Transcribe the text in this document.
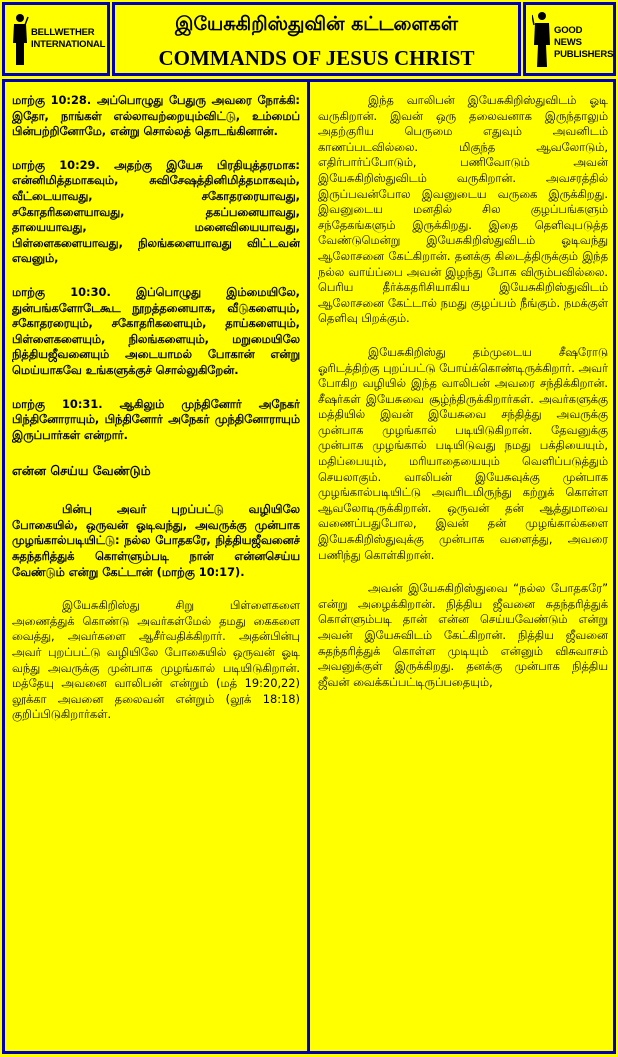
BELLWETHER INTERNATIONAL
இயேசுகிறிஸ்துவின் கட்டளைகள்
COMMANDS OF JESUS CHRIST
GOOD NEWS PUBLISHERS

மாற்கு 10:28. அப்பொழுது பேதுரு அவரை நோக்கி: இதோ, நாங்கள் எல்லாவற்றையும்விட்டு, உம்மைப் பின்பற்றினோமே, என்று சொல்லத் தொடங்கினான்.

மாற்கு 10:29. அதற்கு இயேசு பிரதியுத்தரமாக: என்னிமித்தமாகவும், சுவிசேஷத்தினிமித்தமாகவும், வீட்டையாவது, சகோதரரையாவது, சகோதரிகளையாவது, தகப்பனையாவது, தாயையாவது, மனைவியையாவது, பிள்ளைகளையாவது, நிலங்களையாவது விட்டவன் எவனும்,

மாற்கு 10:30. இப்பொழுது இம்மையிலே, துன்பங்களோடேகூட நூறத்தனையாக, வீடுகளையும், சகோதரரையும், சகோதரிகளையும், தாய்களையும், பிள்ளைகளையும், நிலங்களையும், மறுமையிலே நித்தியஜீவனையும் அடையாமல் போகான் என்று மெய்யாகவே உங்களுக்குச் சொல்லுகிறேன்.

மாற்கு 10:31. ஆகிலும் முந்தினோர் அநேகர் பிந்தினோராயும், பிந்தினோர் அநேகர் முந்தினோராயும் இருப்பார்கள் என்றார்.

என்ன செய்ய வேண்டும்

பின்பு அவர் புறப்பட்டு வழியிலே போகையில், ஒருவன் ஓடிவந்து, அவருக்கு முன்பாக முழங்கால்படியிட்டு: நல்ல போதகரே, நித்தியஜீவனைச் சுதந்தரித்துக் கொள்ளும்படி நான் என்னசெய்ய வேண்டும் என்று கேட்டான் (மாற்கு 10:17).

இயேசுகிறிஸ்து சிறு பிள்ளைகளை அணைத்துக் கொண்டு அவர்கள்மேல் தமது கைகளை வைத்து, அவர்களை ஆசீர்வதிக்கிறார். அதன்பின்பு அவர் புறப்பட்டு வழியிலே போகையில் ஒருவன் ஓடி வந்து அவருக்கு முன்பாக முழங்கால் படியிடுகிறான். மத்தேயு அவனை வாலிபன் என்றும் (மத் 19:20,22) லூக்கா அவனை தலைவன் என்றும் (லூக் 18:18) குறிப்பிடுகிறார்கள்.

இந்த வாலிபன் இயேசுகிறிஸ்துவிடம் ஓடி வருகிறான். இவன் ஒரு தலைவனாக இருந்தாலும் அதற்குரிய பெருமை எதுவும் அவனிடம் காணப்படவில்லை. மிகுந்த ஆவலோடும், எதிர்பார்ப்போடும், பணிவோடும் அவன் இயேசுகிறிஸ்துவிடம் வருகிறான். அவசரத்தில் இருப்பவன்போல இவனுடைய வருகை இருக்கிறது. இவனுடைய மனதில் சில குழப்பங்களும் சந்தேகங்களும் இருக்கிறது. இதை தெளிவுபடுத்த வேண்டுமென்று இயேசுகிறிஸ்துவிடம் ஓடிவந்து ஆலோசனை கேட்கிறான். தனக்கு கிடைத்திருக்கும் இந்த நல்ல வாய்ப்பை அவன் இழந்து போக விரும்பவில்லை. பெரிய தீர்க்கதரிசியாகிய இயேசுகிறிஸ்துவிடம் ஆலோசனை கேட்டால் நமது குழப்பம் நீங்கும். நமக்குள் தெளிவு பிறக்கும்.

இயேசுகிறிஸ்து தம்முடைய சீஷரோடு ஓரிடத்திற்கு புறப்பட்டு போய்க்கொண்டிருக்கிறார். அவர் போகிற வழியில் இந்த வாலிபன் அவரை சந்திக்கிறான். சீஷர்கள் இயேசுவை சூழ்ந்திருக்கிறார்கள். அவர்களுக்கு மத்தியில் இவன் இயேசுவை சந்தித்து அவருக்கு முன்பாக முழங்கால் படியிடுகிறான். தேவனுக்கு முன்பாக முழங்கால் படியிடுவது நமது பக்தியையும், மதிப்பையும், மரியாதையையும் வெளிப்படுத்தும் செயலாகும். வாலிபன் இயேசுவுக்கு முன்பாக முழங்கால்படியிட்டு அவரிடமிருந்து கற்றுக் கொள்ள ஆவலோடிருக்கிறான். ஒருவன் தன் ஆத்துமாவை வணைப்பதுபோல, இவன் தன் முழங்கால்களை இயேசுகிறிஸ்துவுக்கு முன்பாக வளைத்து, அவரை பணிந்து கொள்கிறான்.

அவன் இயேசுகிறிஸ்துவை “நல்ல போதகரே” என்று அழைக்கிறான். நித்திய ஜீவனை சுதந்தரித்துக் கொள்ளும்படி தான் என்ன செய்யவேண்டும் என்று அவன் இயேசுவிடம் கேட்கிறான். நித்திய ஜீவனை சுதந்தரித்துக் கொள்ள முடியும் என்னும் விசுவாசம் அவனுக்குள் இருக்கிறது. தனக்கு முன்பாக நித்திய ஜீவன் வைக்கப்பட்டிருப்பதையும்,
